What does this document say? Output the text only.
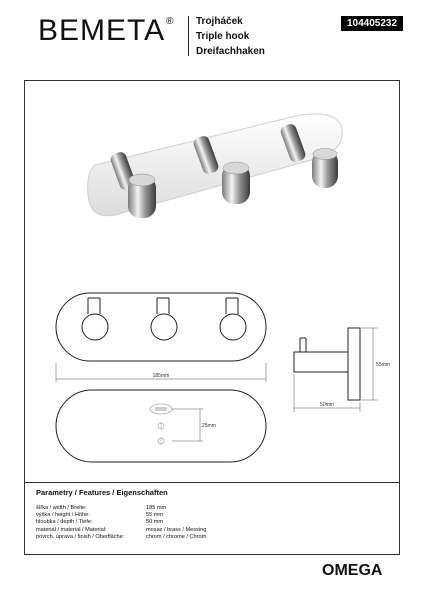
BEMETA® Trojháček
Triple hook
Dreifachhaken
104405232
185mm
55mm
50mm
25mm
Parametry / Features / Eigenschaften
šířka / width / Breite:	185 mm
výška / height / Höhe:	55 mm
hloubka / depth / Tiefe:	50 mm
materiál / material / Material:	mosaz / brass / Messing
povrch. úprava / finish / Oberfläche:	chrom / chrome / Chrom
OMEGA
